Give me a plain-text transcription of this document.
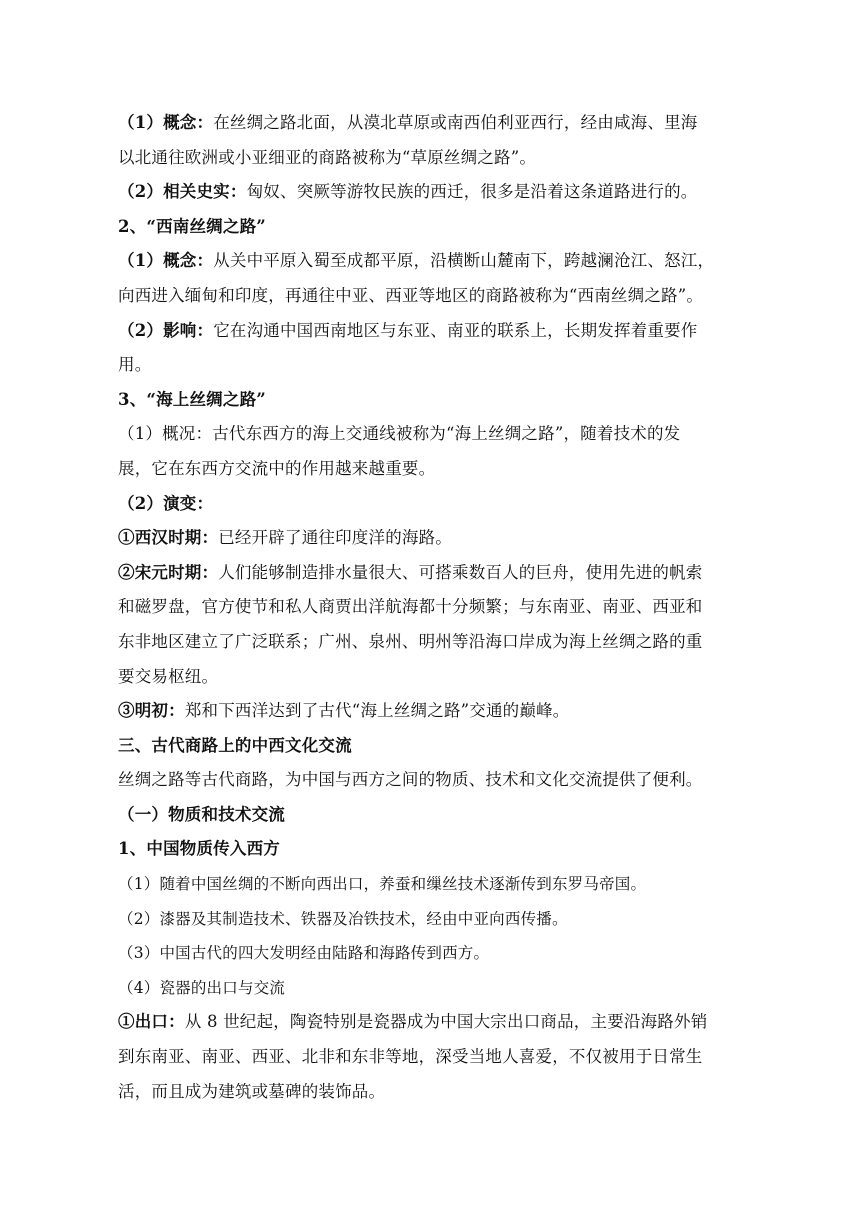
（1）概念：在丝绸之路北面，从漠北草原或南西伯利亚西行，经由咸海、里海
以北通往欧洲或小亚细亚的商路被称为“草原丝绸之路”。
（2）相关史实：匈奴、突厥等游牧民族的西迁，很多是沿着这条道路进行的。
2、“西南丝绸之路”
（1）概念：从关中平原入蜀至成都平原，沿横断山麓南下，跨越澜沧江、怒江，
向西进入缅甸和印度，再通往中亚、西亚等地区的商路被称为“西南丝绸之路”。
（2）影响：它在沟通中国西南地区与东亚、南亚的联系上，长期发挥着重要作
用。
3、“海上丝绸之路”
（1）概况：古代东西方的海上交通线被称为“海上丝绸之路”，随着技术的发
展，它在东西方交流中的作用越来越重要。
（2）演变：
①西汉时期：已经开辟了通往印度洋的海路。
②宋元时期：人们能够制造排水量很大、可搭乘数百人的巨舟，使用先进的帆索
和磁罗盘，官方使节和私人商贾出洋航海都十分频繁；与东南亚、南亚、西亚和
东非地区建立了广泛联系；广州、泉州、明州等沿海口岸成为海上丝绸之路的重
要交易枢纽。
③明初：郑和下西洋达到了古代“海上丝绸之路”交通的巅峰。
三、古代商路上的中西文化交流
丝绸之路等古代商路，为中国与西方之间的物质、技术和文化交流提供了便利。
（一）物质和技术交流
1、中国物质传入西方
（1）随着中国丝绸的不断向西出口，养蚕和缫丝技术逐渐传到东罗马帝国。
（2）漆器及其制造技术、铁器及冶铁技术，经由中亚向西传播。
（3）中国古代的四大发明经由陆路和海路传到西方。
（4）瓷器的出口与交流
①出口：从 8 世纪起，陶瓷特别是瓷器成为中国大宗出口商品，主要沿海路外销
到东南亚、南亚、西亚、北非和东非等地，深受当地人喜爱，不仅被用于日常生
活，而且成为建筑或墓碑的装饰品。
